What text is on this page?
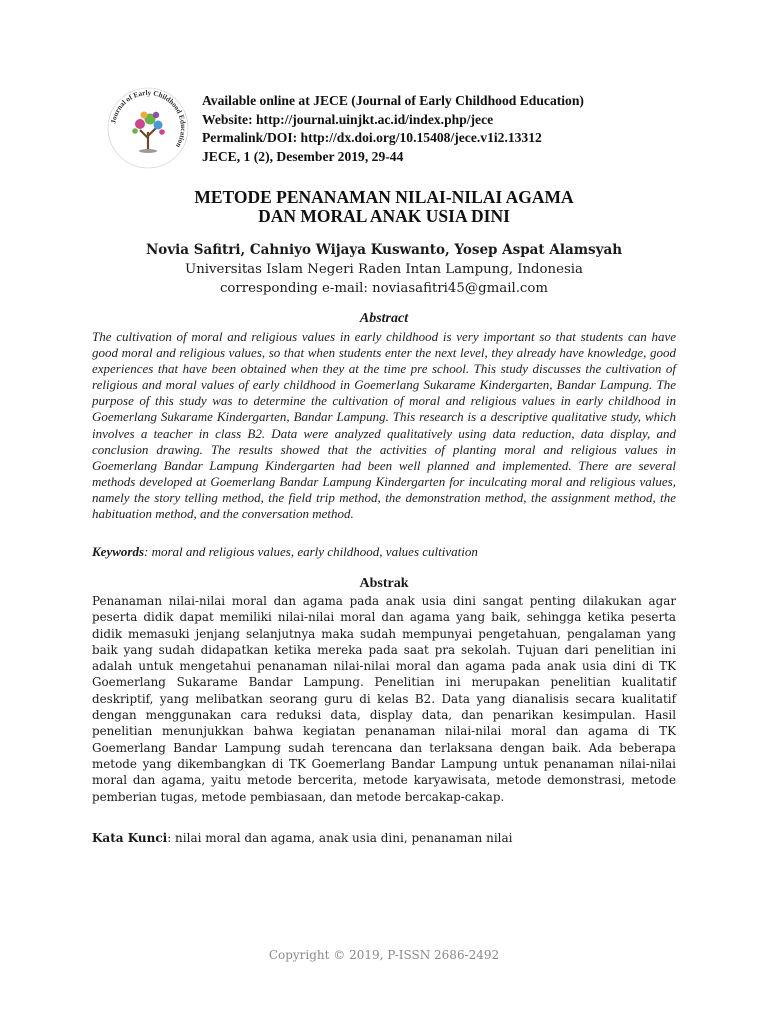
Journal of Early Childhood Education
Available online at JECE (Journal of Early Childhood Education)
Website: http://journal.uinjkt.ac.id/index.php/jece
Permalink/DOI: http://dx.doi.org/10.15408/jece.v1i2.13312
JECE, 1 (2), Desember 2019, 29-44
METODE PENANAMAN NILAI-NILAI AGAMA
DAN MORAL ANAK USIA DINI
Novia Safitri, Cahniyo Wijaya Kuswanto, Yosep Aspat Alamsyah
Universitas Islam Negeri Raden Intan Lampung, Indonesia
corresponding e-mail: noviasafitri45@gmail.com
Abstract
The cultivation of moral and religious values in early childhood is very important so that students can have good moral and religious values, so that when students enter the next level, they already have knowledge, good experiences that have been obtained when they at the time pre school. This study discusses the cultivation of religious and moral values of early childhood in Goemerlang Sukarame Kindergarten, Bandar Lampung. The purpose of this study was to determine the cultivation of moral and religious values in early childhood in Goemerlang Sukarame Kindergarten, Bandar Lampung. This research is a descriptive qualitative study, which involves a teacher in class B2. Data were analyzed qualitatively using data reduction, data display, and conclusion drawing. The results showed that the activities of planting moral and religious values in Goemerlang Bandar Lampung Kindergarten had been well planned and implemented. There are several methods developed at Goemerlang Bandar Lampung Kindergarten for inculcating moral and religious values, namely the story telling method, the field trip method, the demonstration method, the assignment method, the habituation method, and the conversation method.
Keywords: moral and religious values, early childhood, values cultivation
Abstrak
Penanaman nilai-nilai moral dan agama pada anak usia dini sangat penting dilakukan agar peserta didik dapat memiliki nilai-nilai moral dan agama yang baik, sehingga ketika peserta didik memasuki jenjang selanjutnya maka sudah mempunyai pengetahuan, pengalaman yang baik yang sudah didapatkan ketika mereka pada saat pra sekolah. Tujuan dari penelitian ini adalah untuk mengetahui penanaman nilai-nilai moral dan agama pada anak usia dini di TK Goemerlang Sukarame Bandar Lampung. Penelitian ini merupakan penelitian kualitatif deskriptif, yang melibatkan seorang guru di kelas B2. Data yang dianalisis secara kualitatif dengan menggunakan cara reduksi data, display data, dan penarikan kesimpulan. Hasil penelitian menunjukkan bahwa kegiatan penanaman nilai-nilai moral dan agama di TK Goemerlang Bandar Lampung sudah terencana dan terlaksana dengan baik. Ada beberapa metode yang dikembangkan di TK Goemerlang Bandar Lampung untuk penanaman nilai-nilai moral dan agama, yaitu metode bercerita, metode karyawisata, metode demonstrasi, metode pemberian tugas, metode pembiasaan, dan metode bercakap-cakap.
Kata Kunci: nilai moral dan agama, anak usia dini, penanaman nilai
Copyright © 2019, P-ISSN 2686-2492
